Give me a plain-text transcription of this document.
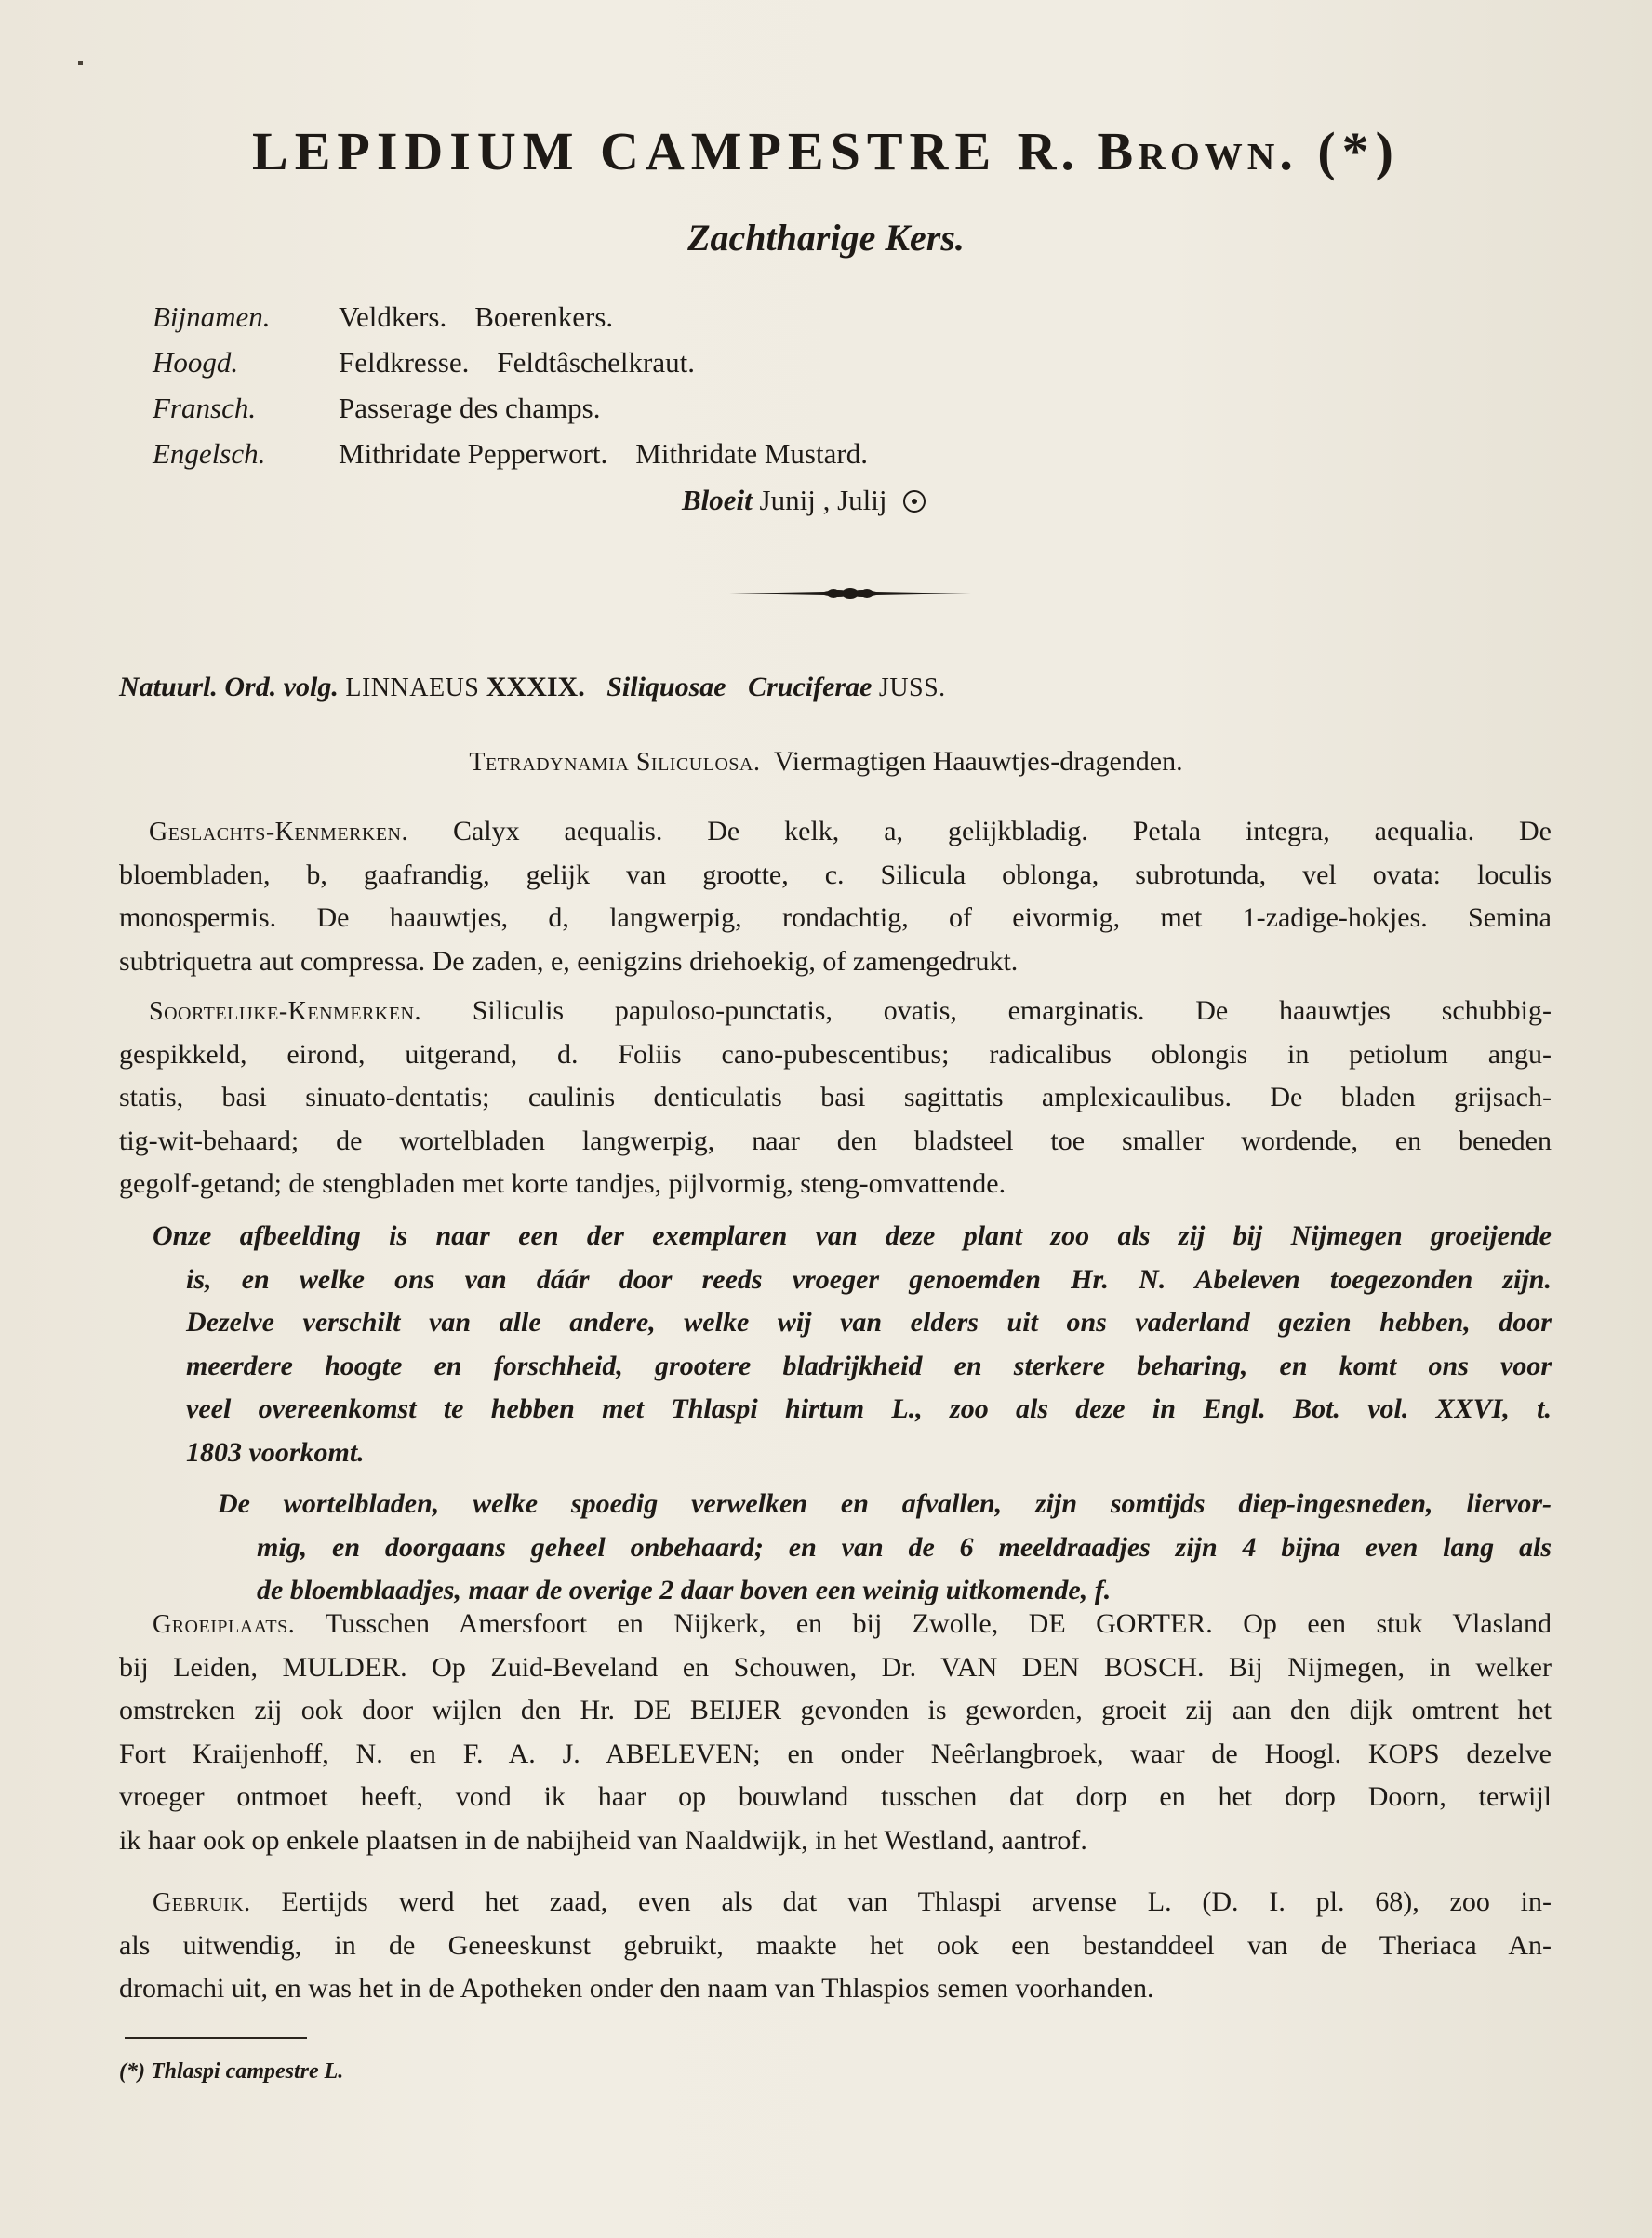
LEPIDIUM CAMPESTRE R. Brown. (*)
Zachtharige Kers.
Bijnamen. Veldkers. Boerenkers.
Hoogd.	Feldkresse. Feldtâschelkraut.
Fransch.	Passerage des champs.
Engelsch.	Mithridate Pepperwort. Mithridate Mustard.
Bloeit Junij , Julij
Natuurl. Ord. volg. LINNAEUS XXXIX. Siliquosae Cruciferae JUSS.
Tetradynamia Siliculosa. Viermagtigen Haauwtjes-dragenden.
Geslachts-Kenmerken. Calyx aequalis. De kelk, a, gelijkbladig. Petala integra, aequalia. De
bloembladen, b, gaafrandig, gelijk van grootte, c. Silicula oblonga, subrotunda, vel ovata: loculis
monospermis. De haauwtjes, d, langwerpig, rondachtig, of eivormig, met 1-zadige-hokjes. Semina
subtriquetra aut compressa. De zaden, e, eenigzins driehoekig, of zamengedrukt.
Soortelijke-Kenmerken. Siliculis papuloso-punctatis, ovatis, emarginatis. De haauwtjes schubbig-
gespikkeld, eirond, uitgerand, d. Foliis cano-pubescentibus; radicalibus oblongis in petiolum angu-
statis, basi sinuato-dentatis; caulinis denticulatis basi sagittatis amplexicaulibus. De bladen grijsach-
tig-wit-behaard; de wortelbladen langwerpig, naar den bladsteel toe smaller wordende, en beneden
gegolf-getand; de stengbladen met korte tandjes, pijlvormig, steng-omvattende.
Onze afbeelding is naar een der exemplaren van deze plant zoo als zij bij Nijmegen groeijende
is, en welke ons van dáár door reeds vroeger genoemden Hr. N. Abeleven toegezonden zijn.
Dezelve verschilt van alle andere, welke wij van elders uit ons vaderland gezien hebben, door
meerdere hoogte en forschheid, grootere bladrijkheid en sterkere beharing, en komt ons voor
veel overeenkomst te hebben met Thlaspi hirtum L., zoo als deze in Engl. Bot. vol. XXVI, t.
1803 voorkomt.
De wortelbladen, welke spoedig verwelken en afvallen, zijn somtijds diep-ingesneden, liervor-
mig, en doorgaans geheel onbehaard; en van de 6 meeldraadjes zijn 4 bijna even lang als
de bloemblaadjes, maar de overige 2 daar boven een weinig uitkomende, f.
Groeiplaats. Tusschen Amersfoort en Nijkerk, en bij Zwolle, DE GORTER. Op een stuk Vlasland
bij Leiden, MULDER. Op Zuid-Beveland en Schouwen, Dr. VAN DEN BOSCH. Bij Nijmegen, in welker
omstreken zij ook door wijlen den Hr. DE BEIJER gevonden is geworden, groeit zij aan den dijk omtrent het
Fort Kraijenhoff, N. en F. A. J. ABELEVEN; en onder Neêrlangbroek, waar de Hoogl. KOPS dezelve
vroeger ontmoet heeft, vond ik haar op bouwland tusschen dat dorp en het dorp Doorn, terwijl
ik haar ook op enkele plaatsen in de nabijheid van Naaldwijk, in het Westland, aantrof.
Gebruik. Eertijds werd het zaad, even als dat van Thlaspi arvense L. (D. I. pl. 68), zoo in-
als uitwendig, in de Geneeskunst gebruikt, maakte het ook een bestanddeel van de Theriaca An-
dromachi uit, en was het in de Apotheken onder den naam van Thlaspios semen voorhanden.
(*) Thlaspi campestre L.
